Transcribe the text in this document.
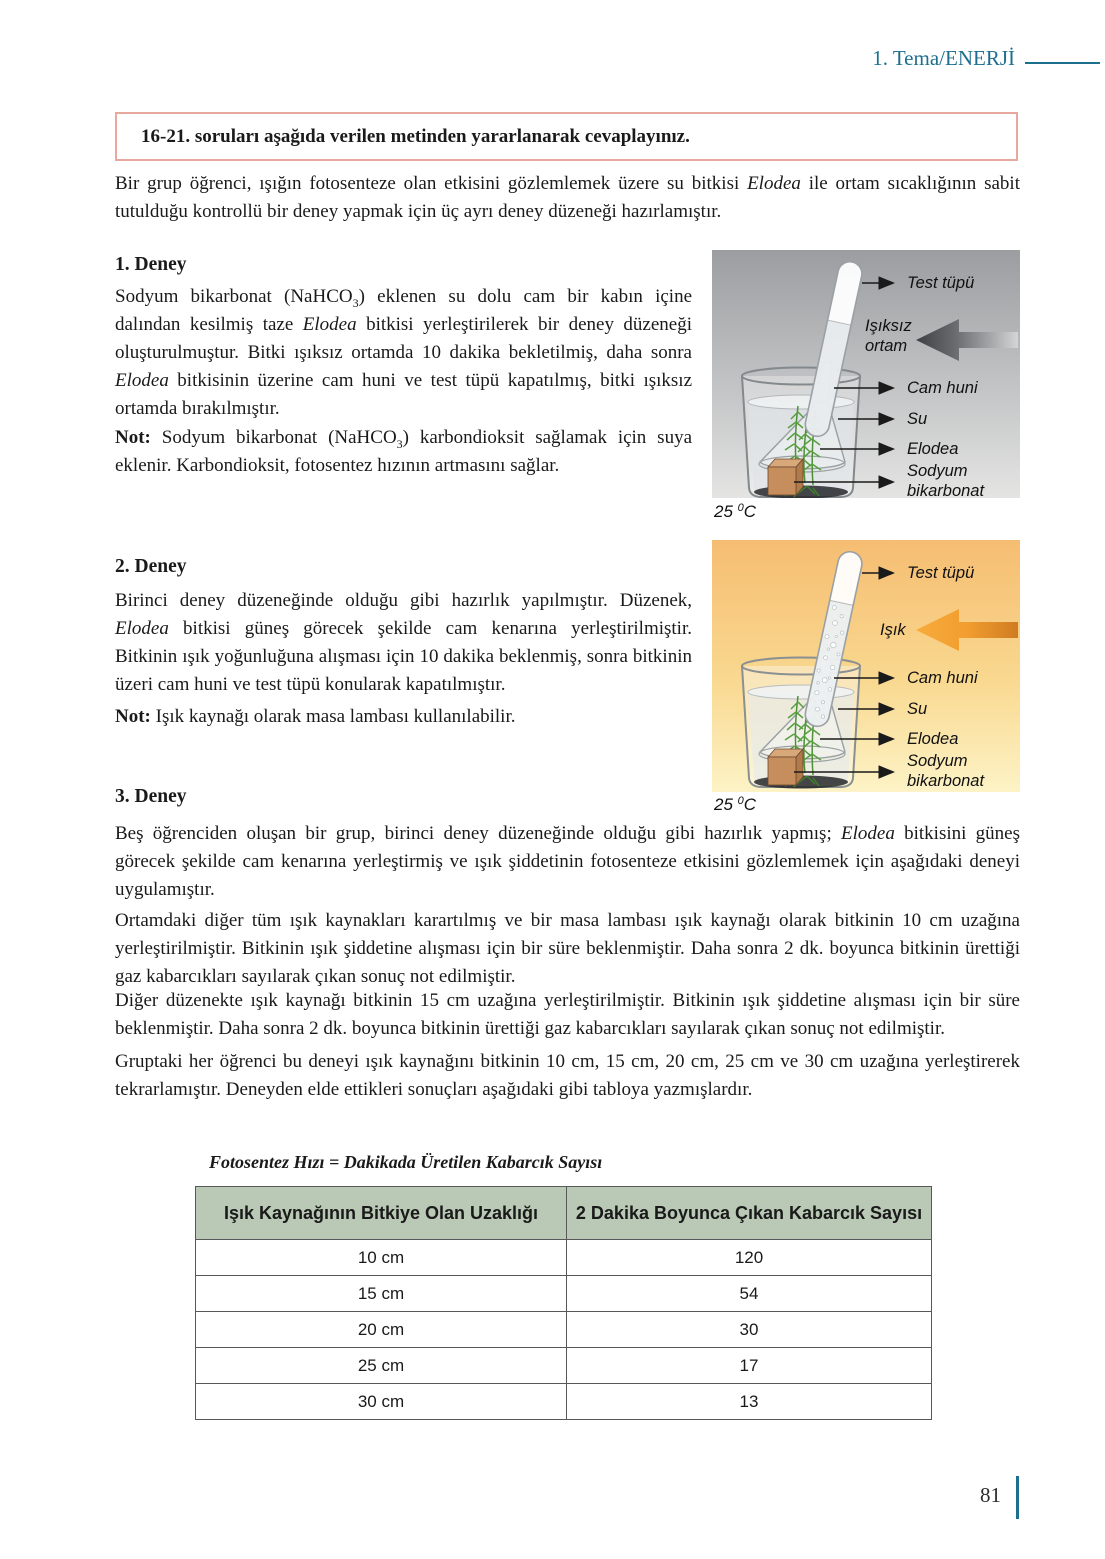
1. Tema/ENERJİ
16-21. soruları aşağıda verilen metinden yararlanarak cevaplayınız.

Bir grup öğrenci, ışığın fotosenteze olan etkisini gözlemlemek üzere su bitkisi Elodea ile ortam sıcaklığının sabit tutulduğu kontrollü bir deney yapmak için üç ayrı deney düzeneği hazırlamıştır.

1. Deney

Sodyum bikarbonat (NaHCO$_3$) eklenen su dolu cam bir kabın içine dalından kesilmiş taze Elodea bitkisi yerleştirilerek bir deney düzeneği oluşturulmuştur. Bitki ışıksız ortamda 10 dakika bekletilmiş, daha sonra Elodea bitkisinin üzerine cam huni ve test tüpü kapatılmış, bitki ışıksız ortamda bırakılmıştır.

Not: Sodyum bikarbonat (NaHCO$_3$) karbondioksit sağlamak için suya eklenir. Karbondioksit, fotosentez hızının artmasını sağlar.

Test tüpü
Işıksız ortam
Cam huni
Su
Elodea
Sodyum bikarbonat
25 $^0$C
2. Deney

Birinci deney düzeneğinde olduğu gibi hazırlık yapılmıştır. Düzenek, Elodea bitkisi güneş görecek şekilde cam kenarına yerleştirilmiştir. Bitkinin ışık yoğunluğuna alışması için 10 dakika beklenmiş, sonra bitkinin üzeri cam huni ve test tüpü konularak kapatılmıştır.

Not: Işık kaynağı olarak masa lambası kullanılabilir.

Test tüpü
Işık
Cam huni
Su
Elodea
Sodyum bikarbonat
25 $^0$C
3. Deney

Beş öğrenciden oluşan bir grup, birinci deney düzeneğinde olduğu gibi hazırlık yapmış; Elodea bitkisini güneş görecek şekilde cam kenarına yerleştirmiş ve ışık şiddetinin fotosenteze etkisini gözlemlemek için aşağıdaki deneyi uygulamıştır.

Ortamdaki diğer tüm ışık kaynakları karartılmış ve bir masa lambası ışık kaynağı olarak bitkinin 10 cm uzağına yerleştirilmiştir. Bitkinin ışık şiddetine alışması için bir süre beklenmiştir. Daha sonra 2 dk. boyunca bitkinin ürettiği gaz kabarcıkları sayılarak çıkan sonuç not edilmiştir.

Diğer düzenekte ışık kaynağı bitkinin 15 cm uzağına yerleştirilmiştir. Bitkinin ışık şiddetine alışması için bir süre beklenmiştir. Daha sonra 2 dk. boyunca bitkinin ürettiği gaz kabarcıkları sayılarak çıkan sonuç not edilmiştir.

Gruptaki her öğrenci bu deneyi ışık kaynağını bitkinin 10 cm, 15 cm, 20 cm, 25 cm ve 30 cm uzağına yerleştirerek tekrarlamıştır. Deneyden elde ettikleri sonuçları aşağıdaki gibi tabloya yazmışlardır.

Fotosentez Hızı = Dakikada Üretilen Kabarcık Sayısı

Işık Kaynağının Bitkiye Olan Uzaklığı	2 Dakika Boyunca Çıkan Kabarcık Sayısı
10 cm	120
15 cm	54
20 cm	30
25 cm	17
30 cm	13
81
